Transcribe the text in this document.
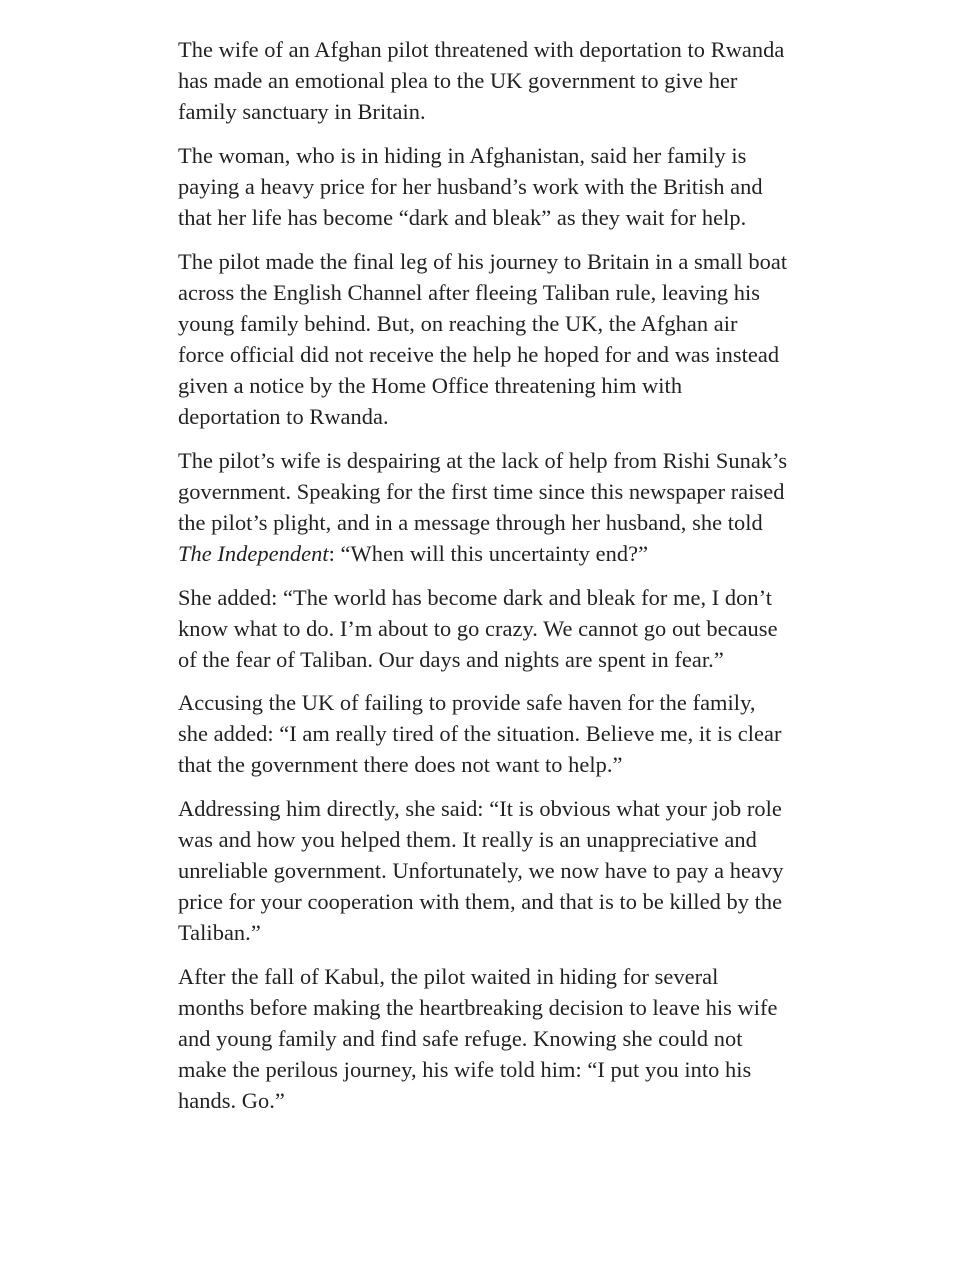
The wife of an Afghan pilot threatened with deportation to Rwanda has made an emotional plea to the UK government to give her family sanctuary in Britain.

The woman, who is in hiding in Afghanistan, said her family is paying a heavy price for her husband’s work with the British and that her life has become “dark and bleak” as they wait for help.

The pilot made the final leg of his journey to Britain in a small boat across the English Channel after fleeing Taliban rule, leaving his young family behind. But, on reaching the UK, the Afghan air force official did not receive the help he hoped for and was instead given a notice by the Home Office threatening him with deportation to Rwanda.

The pilot’s wife is despairing at the lack of help from Rishi Sunak’s government. Speaking for the first time since this newspaper raised the pilot’s plight, and in a message through her husband, she told The Independent: “When will this uncertainty end?”

She added: “The world has become dark and bleak for me, I don’t know what to do. I’m about to go crazy. We cannot go out because of the fear of Taliban. Our days and nights are spent in fear.”

Accusing the UK of failing to provide safe haven for the family, she added: “I am really tired of the situation. Believe me, it is clear that the government there does not want to help.”

Addressing him directly, she said: “It is obvious what your job role was and how you helped them. It really is an unappreciative and unreliable government. Unfortunately, we now have to pay a heavy price for your cooperation with them, and that is to be killed by the Taliban.”

After the fall of Kabul, the pilot waited in hiding for several months before making the heartbreaking decision to leave his wife and young family and find safe refuge. Knowing she could not make the perilous journey, his wife told him: “I put you into his hands. Go.”
